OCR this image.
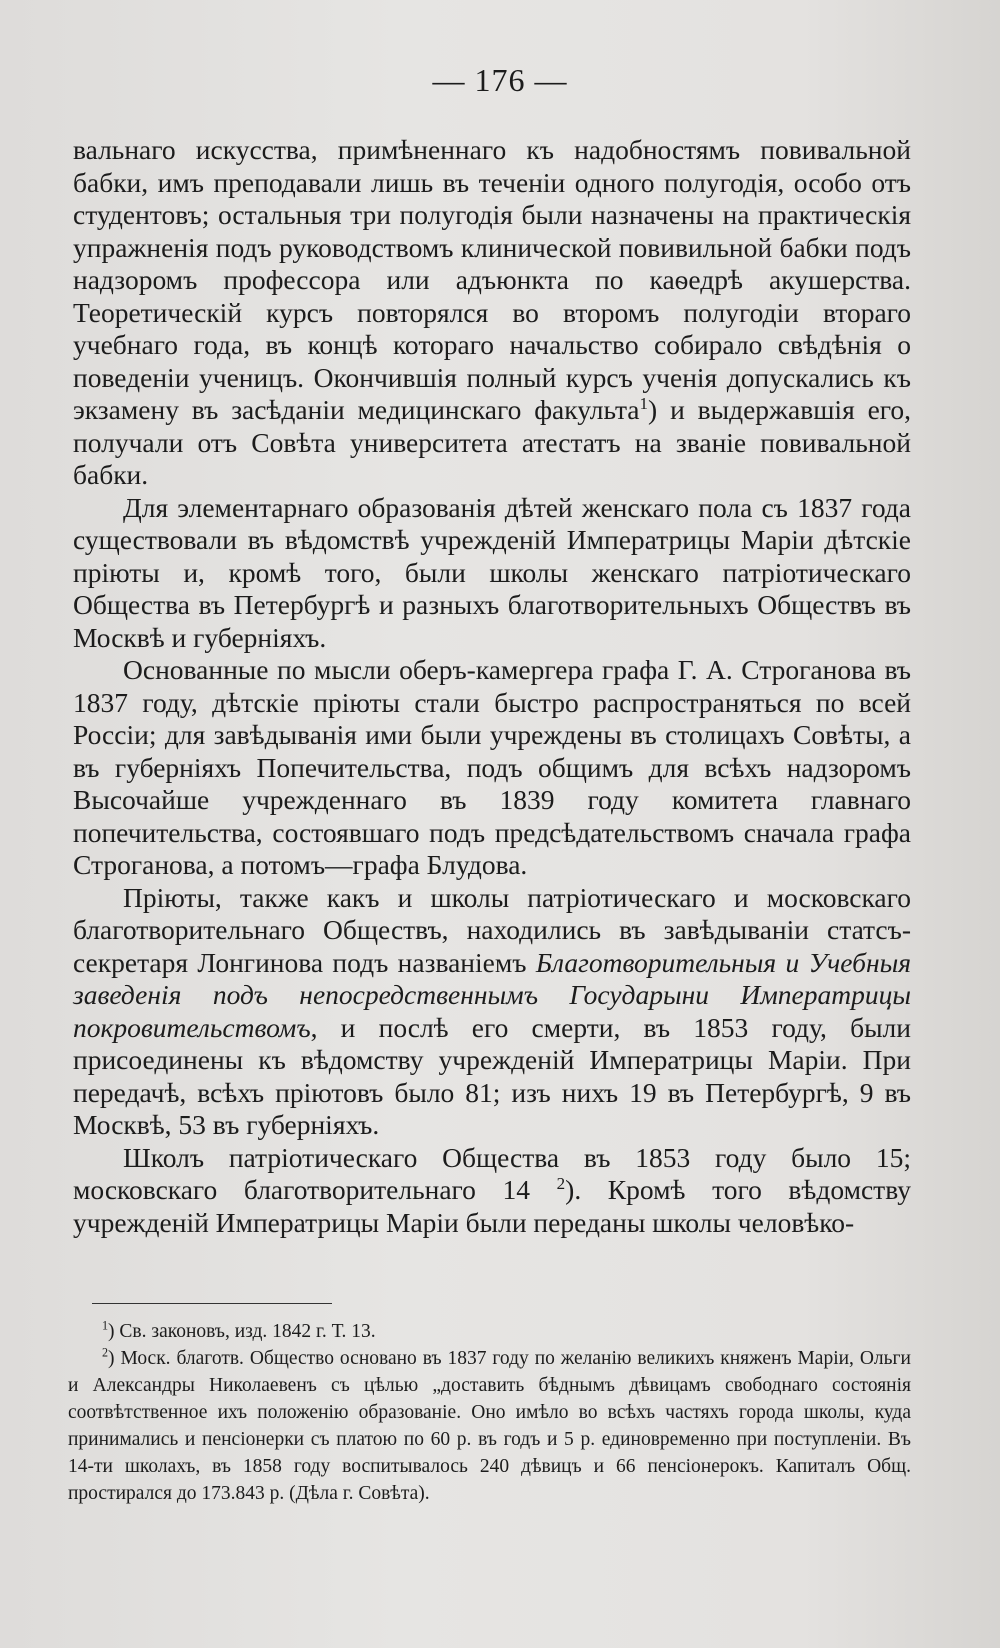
— 176 —

вальнаго искусства, примѣненнаго къ надобностямъ повивальной бабки, имъ преподавали лишь въ теченіи одного полугодія, особо отъ студентовъ; остальныя три полугодія были назначены на практическія упражненія подъ руководствомъ клинической повивильной бабки подъ надзоромъ профессора или адъюнкта по каѳедрѣ акушерства. Теоретическій курсъ повторялся во второмъ полугодіи втораго учебнаго года, въ концѣ котораго начальство собирало свѣдѣнія о поведеніи ученицъ. Окончившія полный курсъ ученія допускались къ экзамену въ засѣданіи медицинскаго факульта$^1$) и выдержавшія его, получали отъ Совѣта университета атестатъ на званіе повивальной бабки.

Для элементарнаго образованія дѣтей женскаго пола съ 1837 года существовали въ вѣдомствѣ учрежденій Императрицы Маріи дѣтскіе пріюты и, кромѣ того, были школы женскаго патріотическаго Общества въ Петербургѣ и разныхъ благотворительныхъ Обществъ въ Москвѣ и губерніяхъ.

Основанные по мысли оберъ-камергера графа Г. А. Строганова въ 1837 году, дѣтскіе пріюты стали быстро распространяться по всей Россіи; для завѣдыванія ими были учреждены въ столицахъ Совѣты, а въ губерніяхъ Попечительства, подъ общимъ для всѣхъ надзоромъ Высочайше учрежденнаго въ 1839 году комитета главнаго попечительства, состоявшаго подъ предсѣдательствомъ сначала графа Строганова, а потомъ—графа Блудова.

Пріюты, также какъ и школы патріотическаго и московскаго благотворительнаго Обществъ, находились въ завѣдываніи статсъ-секретаря Лонгинова подъ названіемъ Благотворительныя и Учебныя заведенія подъ непосредственнымъ Государыни Императрицы покровительствомъ, и послѣ его смерти, въ 1853 году, были присоединены къ вѣдомству учрежденій Императрицы Маріи. При передачѣ, всѣхъ пріютовъ было 81; изъ нихъ 19 въ Петербургѣ, 9 въ Москвѣ, 53 въ губерніяхъ.

Школъ патріотическаго Общества въ 1853 году было 15; московскаго благотворительнаго 14 $^2$). Кромѣ того вѣдомству учрежденій Императрицы Маріи были переданы школы человѣко-

$^1$) Св. законовъ, изд. 1842 г. Т. 13.

$^2$) Моск. благотв. Общество основано въ 1837 году по желанію великихъ княженъ Маріи, Ольги и Александры Николаевенъ съ цѣлью „доставить бѣднымъ дѣвицамъ свободнаго состоянія соотвѣтственное ихъ положенію образованіе. Оно имѣло во всѣхъ частяхъ города школы, куда принимались и пенсіонерки съ платою по 60 р. въ годъ и 5 р. единовременно при поступленіи. Въ 14-ти школахъ, въ 1858 году воспитывалось 240 дѣвицъ и 66 пенсіонерокъ. Капиталъ Общ. простирался до 173.843 р. (Дѣла г. Совѣта).
